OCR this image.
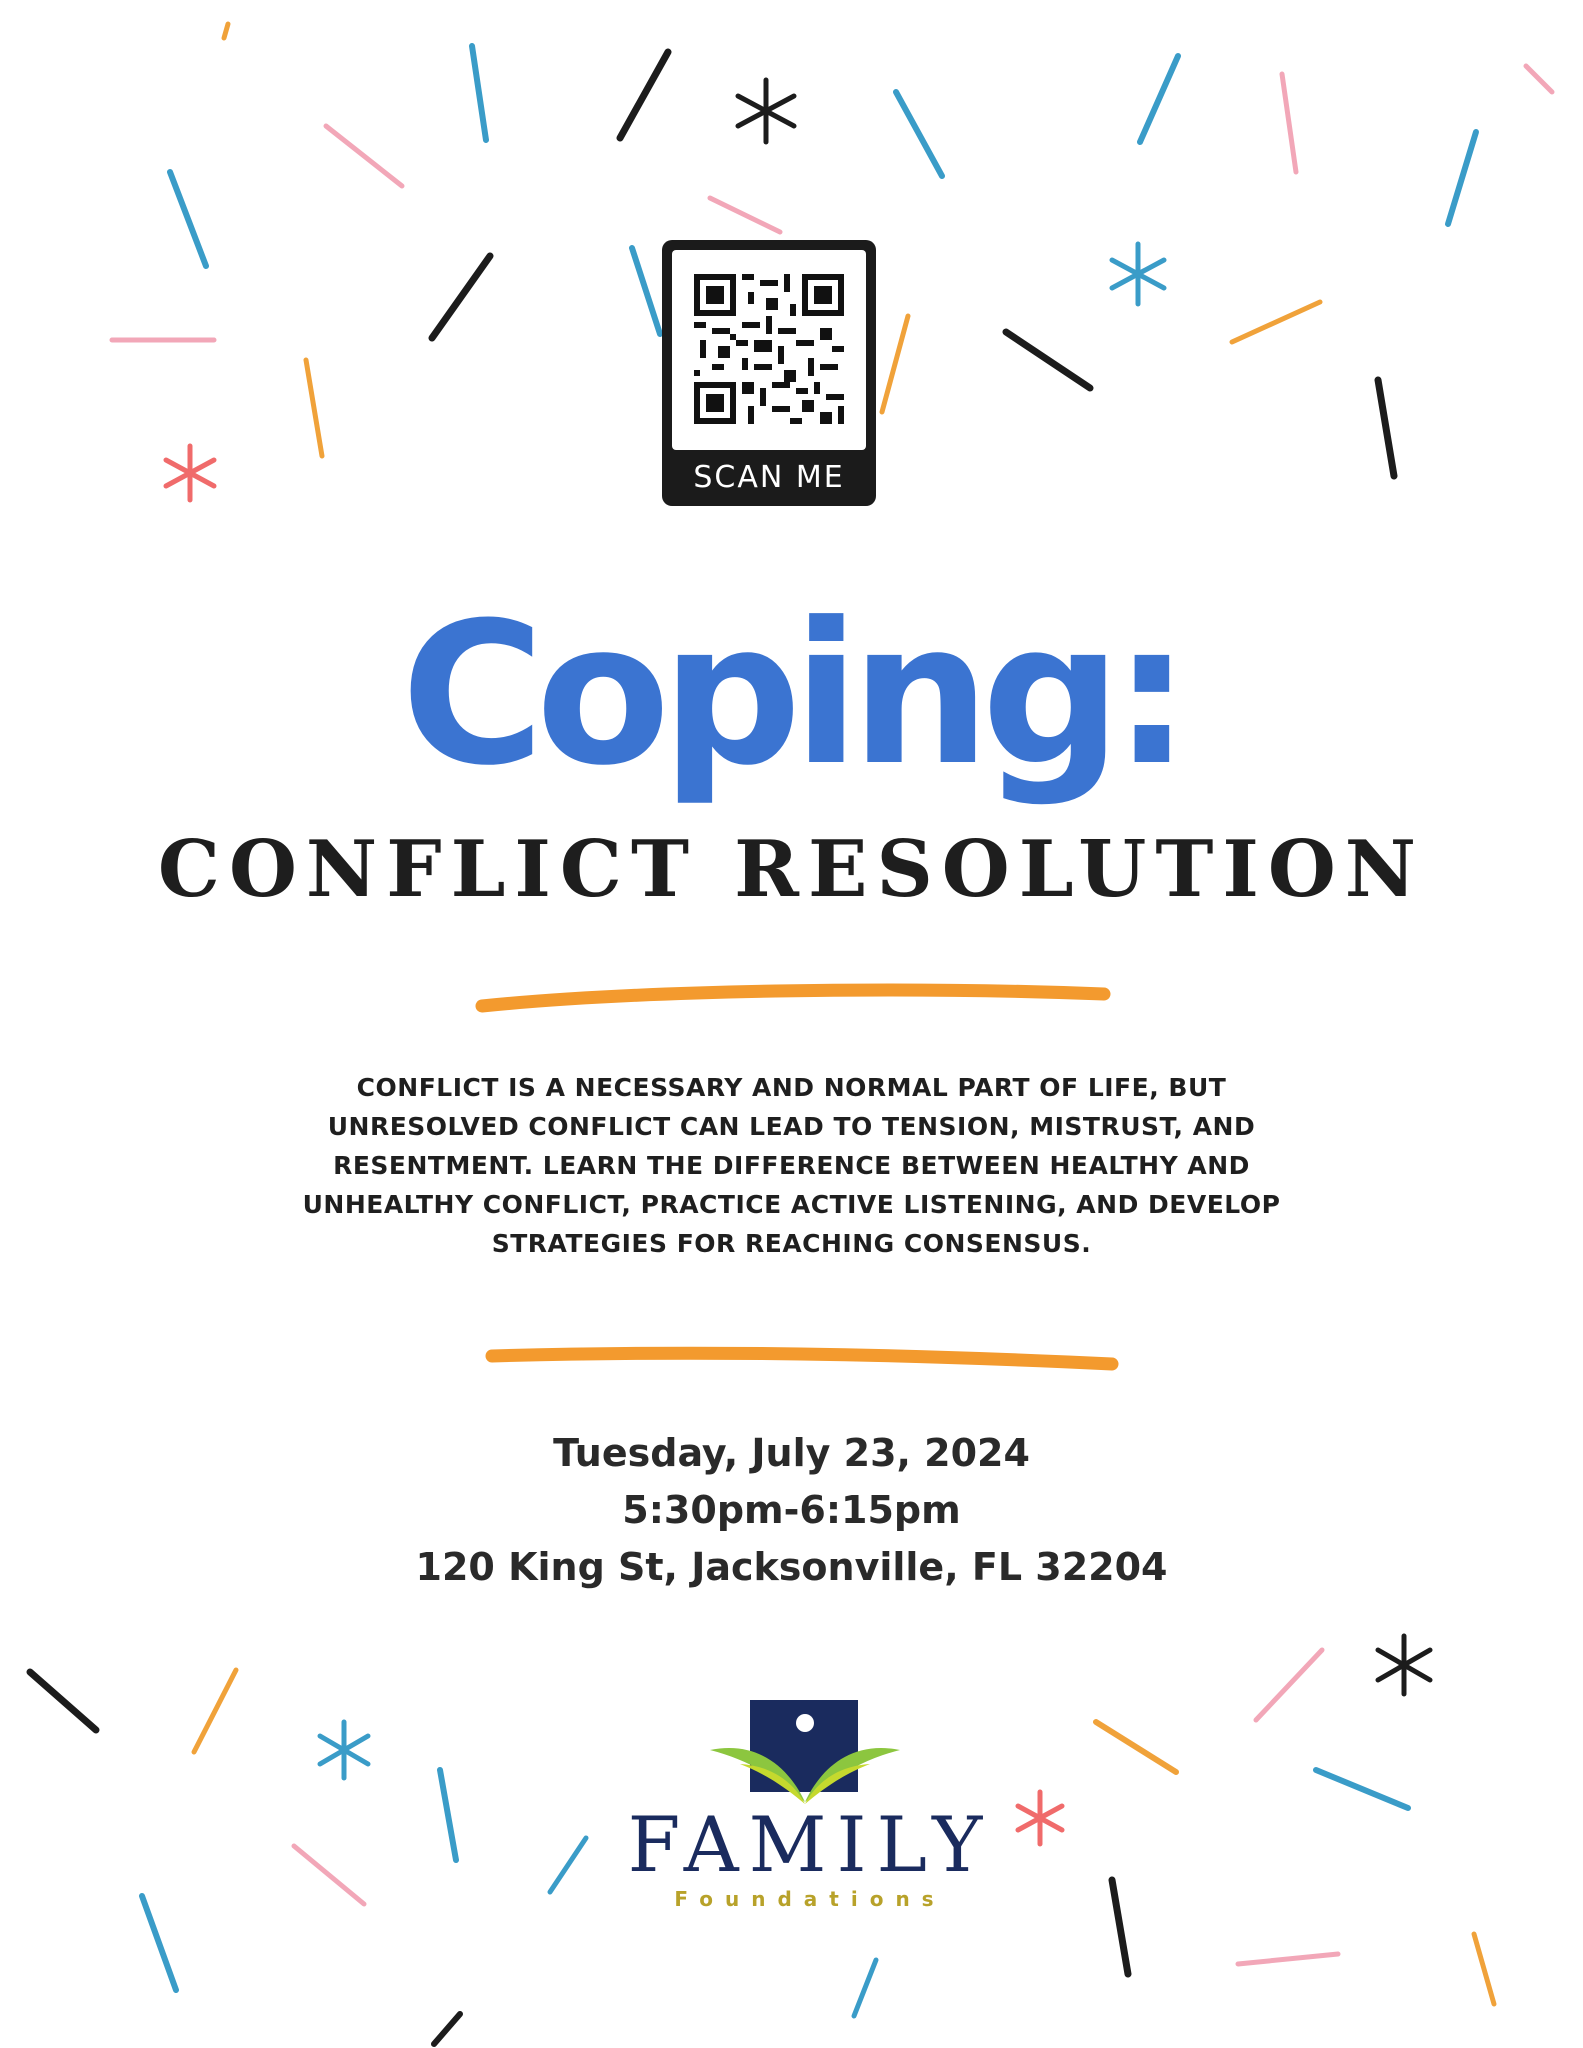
SCAN ME
Coping:
CONFLICT RESOLUTION
CONFLICT IS A NECESSARY AND NORMAL PART OF LIFE, BUT UNRESOLVED CONFLICT CAN LEAD TO TENSION, MISTRUST, AND RESENTMENT. LEARN THE DIFFERENCE BETWEEN HEALTHY AND UNHEALTHY CONFLICT, PRACTICE ACTIVE LISTENING, AND DEVELOP STRATEGIES FOR REACHING CONSENSUS.
Tuesday, July 23, 2024
5:30pm-6:15pm
120 King St, Jacksonville, FL 32204
FAMILY
Foundations
